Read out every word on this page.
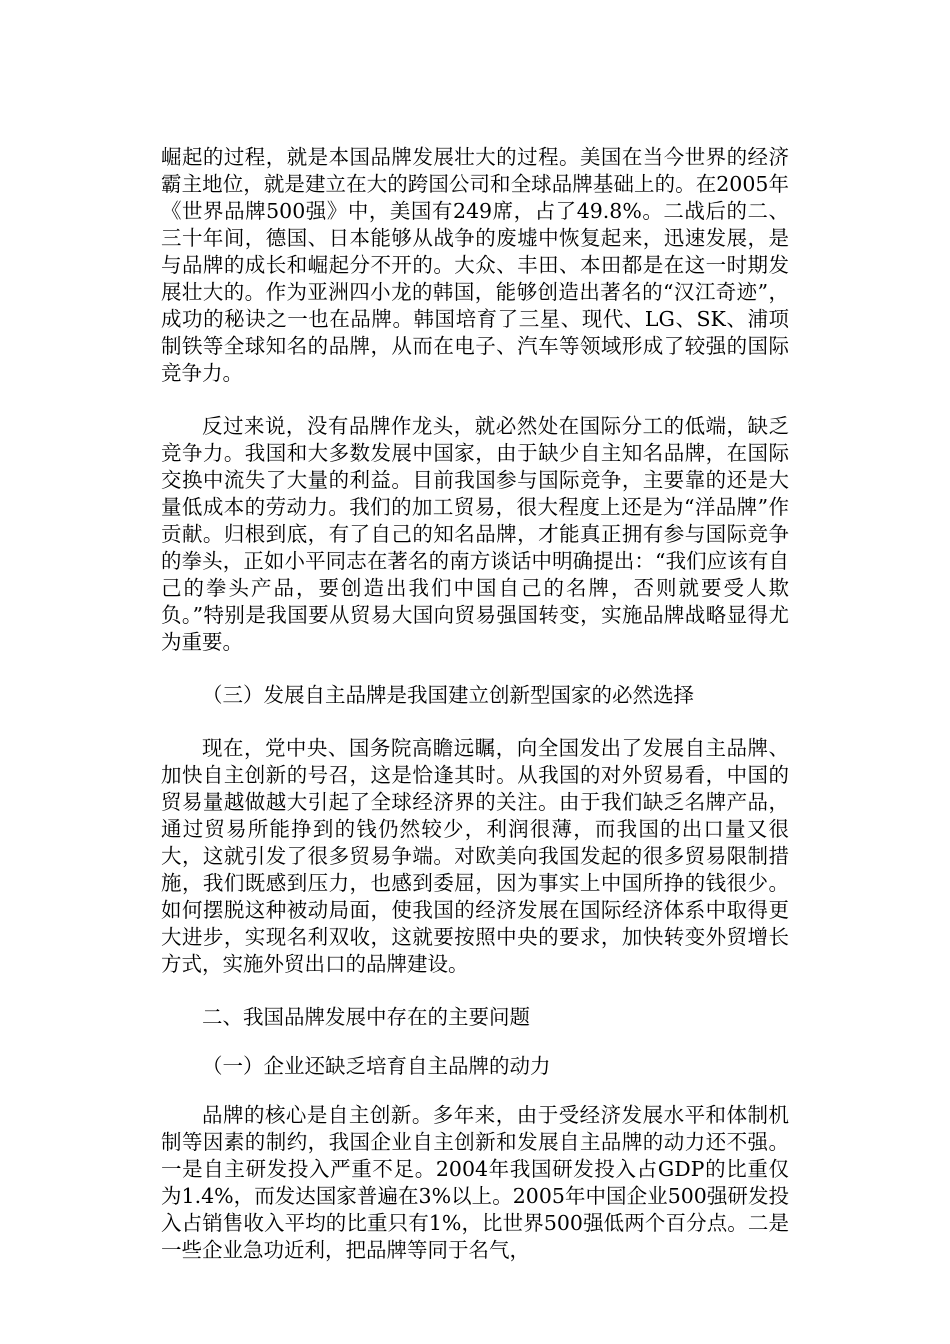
崛起的过程，就是本国品牌发展壮大的过程。美国在当今世界的经济霸主地位，就是建立在大的跨国公司和全球品牌基础上的。在2005年《世界品牌500强》中，美国有249席，占了49.8%。二战后的二、三十年间，德国、日本能够从战争的废墟中恢复起来，迅速发展，是与品牌的成长和崛起分不开的。大众、丰田、本田都是在这一时期发展壮大的。作为亚洲四小龙的韩国，能够创造出著名的“汉江奇迹”，成功的秘诀之一也在品牌。韩国培育了三星、现代、LG、SK、浦项制铁等全球知名的品牌，从而在电子、汽车等领域形成了较强的国际竞争力。

反过来说，没有品牌作龙头，就必然处在国际分工的低端，缺乏竞争力。我国和大多数发展中国家，由于缺少自主知名品牌，在国际交换中流失了大量的利益。目前我国参与国际竞争，主要靠的还是大量低成本的劳动力。我们的加工贸易，很大程度上还是为“洋品牌”作贡献。归根到底，有了自己的知名品牌，才能真正拥有参与国际竞争的拳头，正如小平同志在著名的南方谈话中明确提出：“我们应该有自己的拳头产品，要创造出我们中国自己的名牌，否则就要受人欺负。”特别是我国要从贸易大国向贸易强国转变，实施品牌战略显得尤为重要。

（三）发展自主品牌是我国建立创新型国家的必然选择

现在，党中央、国务院高瞻远瞩，向全国发出了发展自主品牌、加快自主创新的号召，这是恰逢其时。从我国的对外贸易看，中国的贸易量越做越大引起了全球经济界的关注。由于我们缺乏名牌产品，通过贸易所能挣到的钱仍然较少，利润很薄，而我国的出口量又很大，这就引发了很多贸易争端。对欧美向我国发起的很多贸易限制措施，我们既感到压力，也感到委屈，因为事实上中国所挣的钱很少。如何摆脱这种被动局面，使我国的经济发展在国际经济体系中取得更大进步，实现名利双收，这就要按照中央的要求，加快转变外贸增长方式，实施外贸出口的品牌建设。

二、我国品牌发展中存在的主要问题

（一）企业还缺乏培育自主品牌的动力

品牌的核心是自主创新。多年来，由于受经济发展水平和体制机制等因素的制约，我国企业自主创新和发展自主品牌的动力还不强。一是自主研发投入严重不足。2004年我国研发投入占GDP的比重仅为1.4%，而发达国家普遍在3%以上。2005年中国企业500强研发投入占销售收入平均的比重只有1%，比世界500强低两个百分点。二是一些企业急功近利，把品牌等同于名气，
